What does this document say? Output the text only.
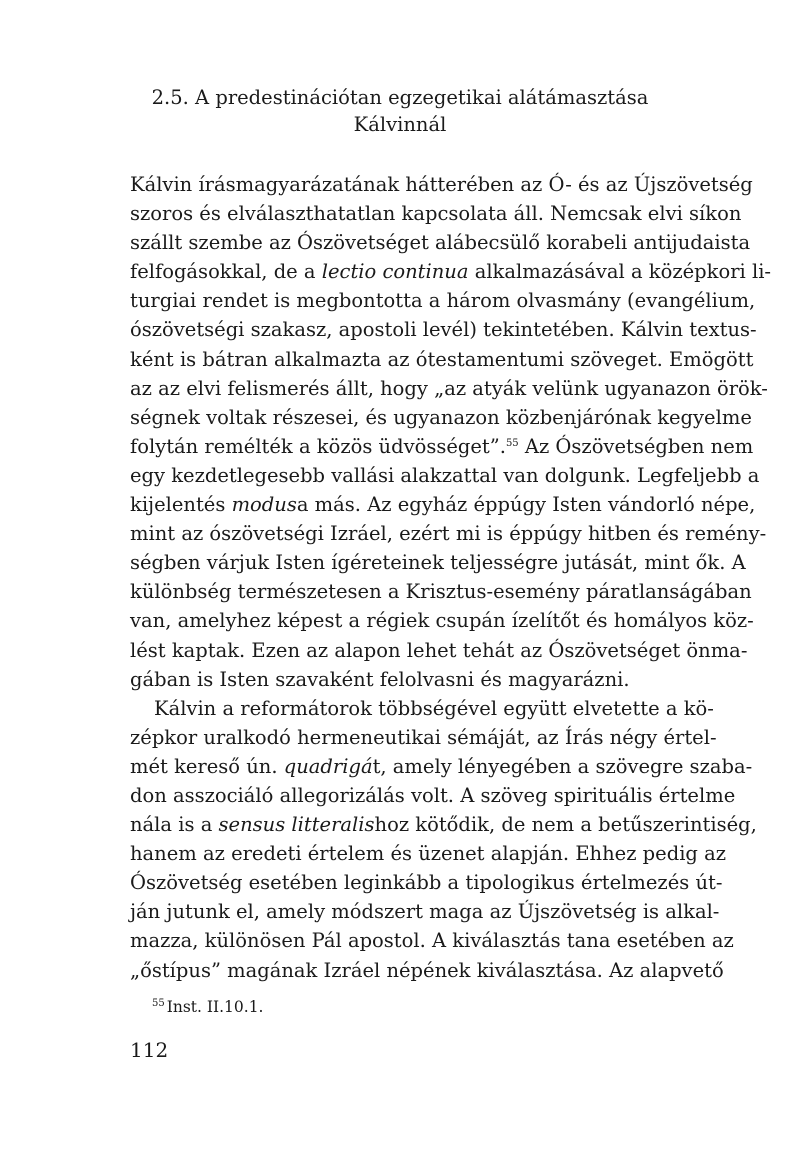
2.5. A predestinációtan egzegetikai alátámasztása
Kálvinnál
Kálvin írásmagyarázatának hátterében az Ó- és az Újszövetség
szoros és elválaszthatatlan kapcsolata áll. Nemcsak elvi síkon
szállt szembe az Ószövetséget alábecsülő korabeli antijudaista
felfogásokkal, de a lectio continua alkalmazásával a középkori li-
turgiai rendet is megbontotta a három olvasmány (evangélium,
ószövetségi szakasz, apostoli levél) tekintetében. Kálvin textus-
ként is bátran alkalmazta az ótestamentumi szöveget. Emögött
az az elvi felismerés állt, hogy „az atyák velünk ugyanazon örök-
ségnek voltak részesei, és ugyanazon közbenjárónak kegyelme
folytán remélték a közös üdvösséget”.$^{55}$ Az Ószövetségben nem
egy kezdetlegesebb vallási alakzattal van dolgunk. Legfeljebb a
kijelentés modusa más. Az egyház éppúgy Isten vándorló népe,
mint az ószövetségi Izráel, ezért mi is éppúgy hitben és remény-
ségben várjuk Isten ígéreteinek teljességre jutását, mint ők. A
különbség természetesen a Krisztus-esemény páratlanságában
van, amelyhez képest a régiek csupán ízelítőt és homályos köz-
lést kaptak. Ezen az alapon lehet tehát az Ószövetséget önma-
gában is Isten szavaként felolvasni és magyarázni.
Kálvin a reformátorok többségével együtt elvetette a kö-
zépkor uralkodó hermeneutikai sémáját, az Írás négy értel-
mét kereső ún. quadrigát, amely lényegében a szövegre szaba-
don asszociáló allegorizálás volt. A szöveg spirituális értelme
nála is a sensus litteralishoz kötődik, de nem a betűszerintiség,
hanem az eredeti értelem és üzenet alapján. Ehhez pedig az
Ószövetség esetében leginkább a tipologikus értelmezés út-
ján jutunk el, amely módszert maga az Újszövetség is alkal-
mazza, különösen Pál apostol. A kiválasztás tana esetében az
„őstípus” magának Izráel népének kiválasztása. Az alapvető
$^{55}$ Inst. II.10.1.
112
